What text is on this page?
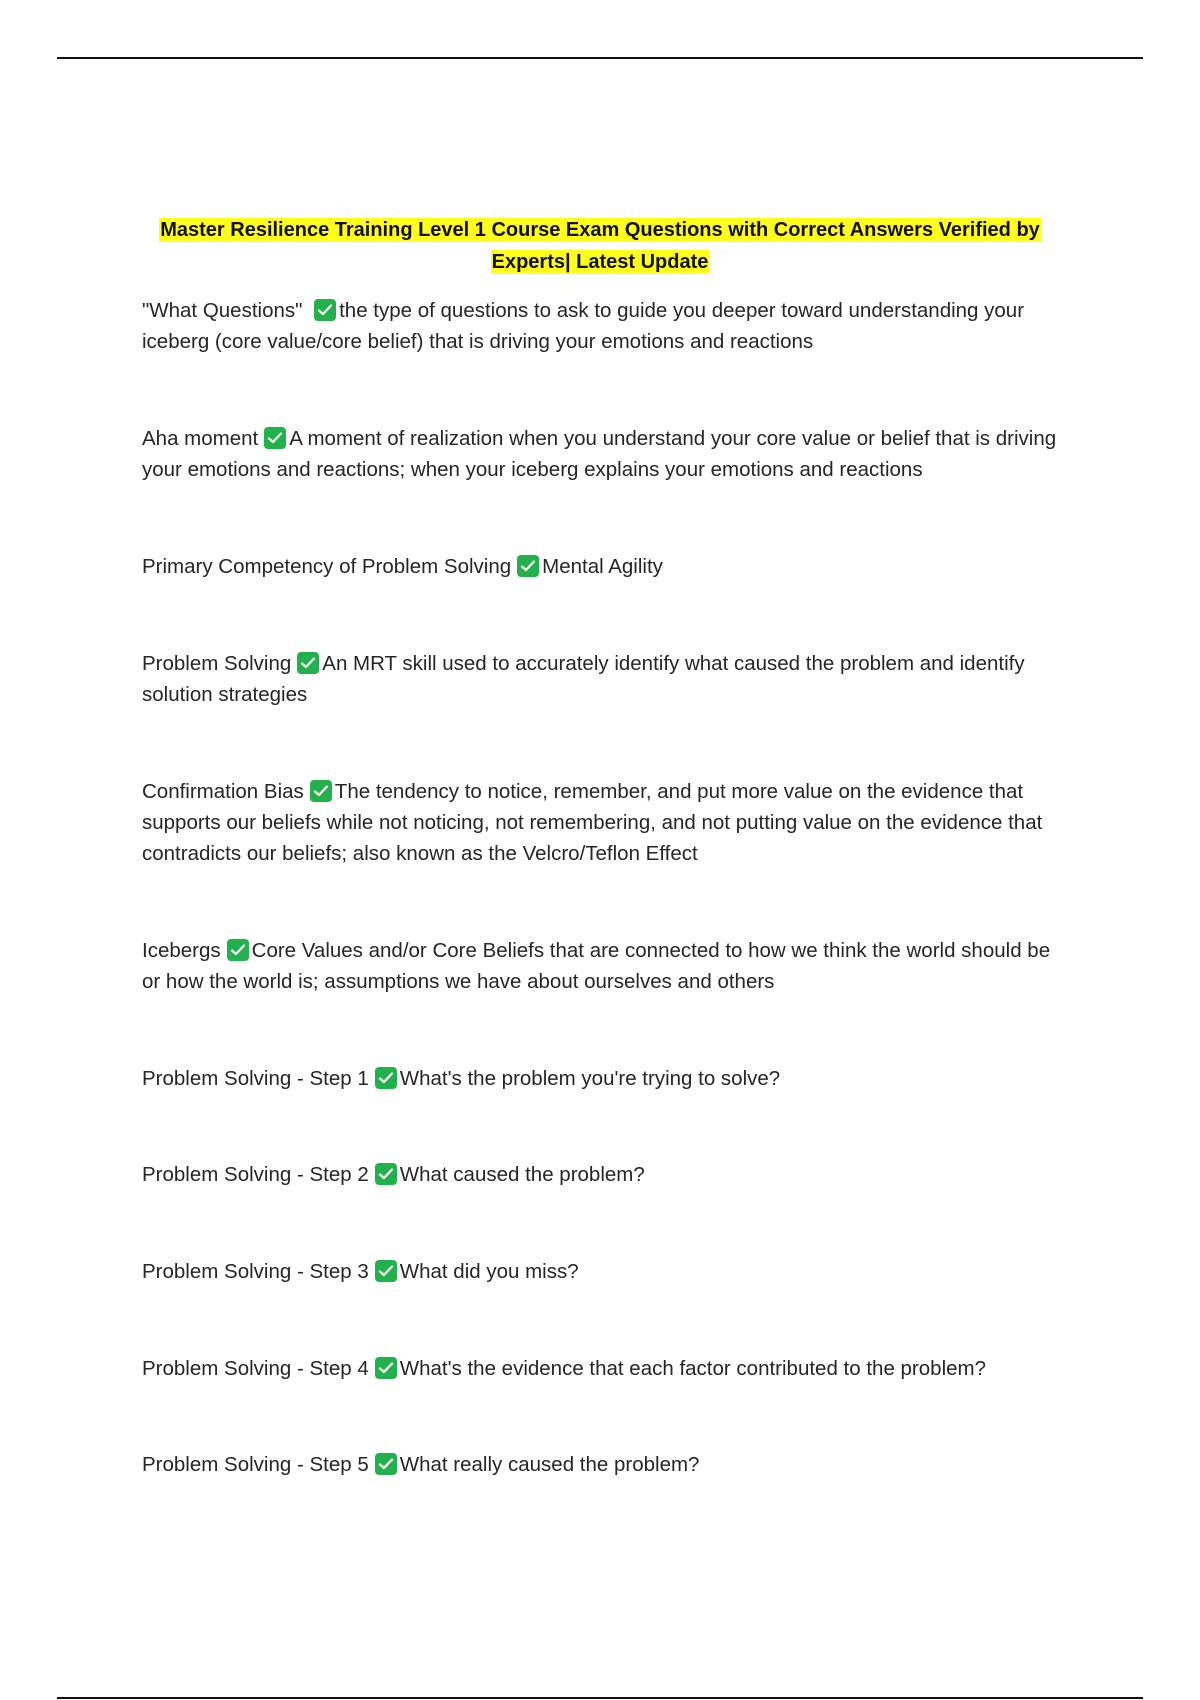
Master Resilience Training Level 1 Course Exam Questions with Correct Answers Verified by
Experts| Latest Update
"What Questions"
the type of questions to ask to guide you deeper toward understanding your iceberg (core value/core belief) that is driving your emotions and reactions
Aha moment A moment of realization when you understand your core value or belief that is driving your emotions and reactions; when your iceberg explains your emotions and reactions
Primary Competency of Problem Solving Mental Agility
Problem Solving An MRT skill used to accurately identify what caused the problem and identify solution strategies
Confirmation Bias The tendency to notice, remember, and put more value on the evidence that supports our beliefs while not noticing, not remembering, and not putting value on the evidence that contradicts our beliefs; also known as the Velcro/Teflon Effect
Icebergs Core Values and/or Core Beliefs that are connected to how we think the world should be or how the world is; assumptions we have about ourselves and others
Problem Solving - Step 1 What's the problem you're trying to solve?
Problem Solving - Step 2 What caused the problem?
Problem Solving - Step 3 What did you miss?
Problem Solving - Step 4 What's the evidence that each factor contributed to the problem?
Problem Solving - Step 5 What really caused the problem?
